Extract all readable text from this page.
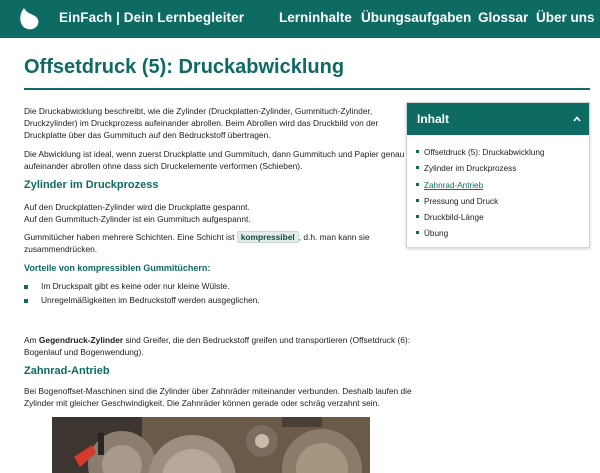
EinFach | Dein Lernbegleiter	Lerninhalte Übungsaufgaben Glossar Über uns
Offsetdruck (5): Druckabwicklung
Die Druckabwicklung beschreibt, wie die Zylinder (Druckplatten-Zylinder, Gummituch-Zylinder,
Druckzylinder) im Druckprozess aufeinander abrollen. Beim Abrollen wird das Druckbild von der
Druckplatte über das Gummituch auf den Bedruckstoff übertragen.
Die Abwicklung ist ideal, wenn zuerst Druckplatte und Gummituch, dann Gummituch und Papier genau
aufeinander abrollen ohne dass sich Druckelemente verformen (Schieben).
Zylinder im Druckprozess
Auf den Druckplatten-Zylinder wird die Druckplatte gespannt.
Auf den Gummituch-Zylinder ist ein Gummituch aufgespannt.
Gummitücher haben mehrere Schichten. Eine Schicht ist kompressibel , d.h. man kann sie
zusammendrücken.
Vorteile von kompressiblen Gummitüchern:
Im Druckspalt gibt es keine oder nur kleine Wülste.
Unregelmäßigkeiten im Bedruckstoff werden ausgeglichen.
Am Gegendruck-Zylinder sind Greifer, die den Bedruckstoff greifen und transportieren (Offsetdruck (6):
Bogenlauf und Bogenwendung).
Zahnrad-Antrieb
Bei Bogenoffset-Maschinen sind die Zylinder über Zahnräder miteinander verbunden. Deshalb laufen die
Zylinder mit gleicher Geschwindigkeit. Die Zahnräder können gerade oder schräg verzahnt sein.
Inhalt
Offsetdruck (5): Druckabwicklung
Zylinder im Druckprozess
Zahnrad-Antrieb
Pressung und Druck
Druckbild-Länge
Übung
